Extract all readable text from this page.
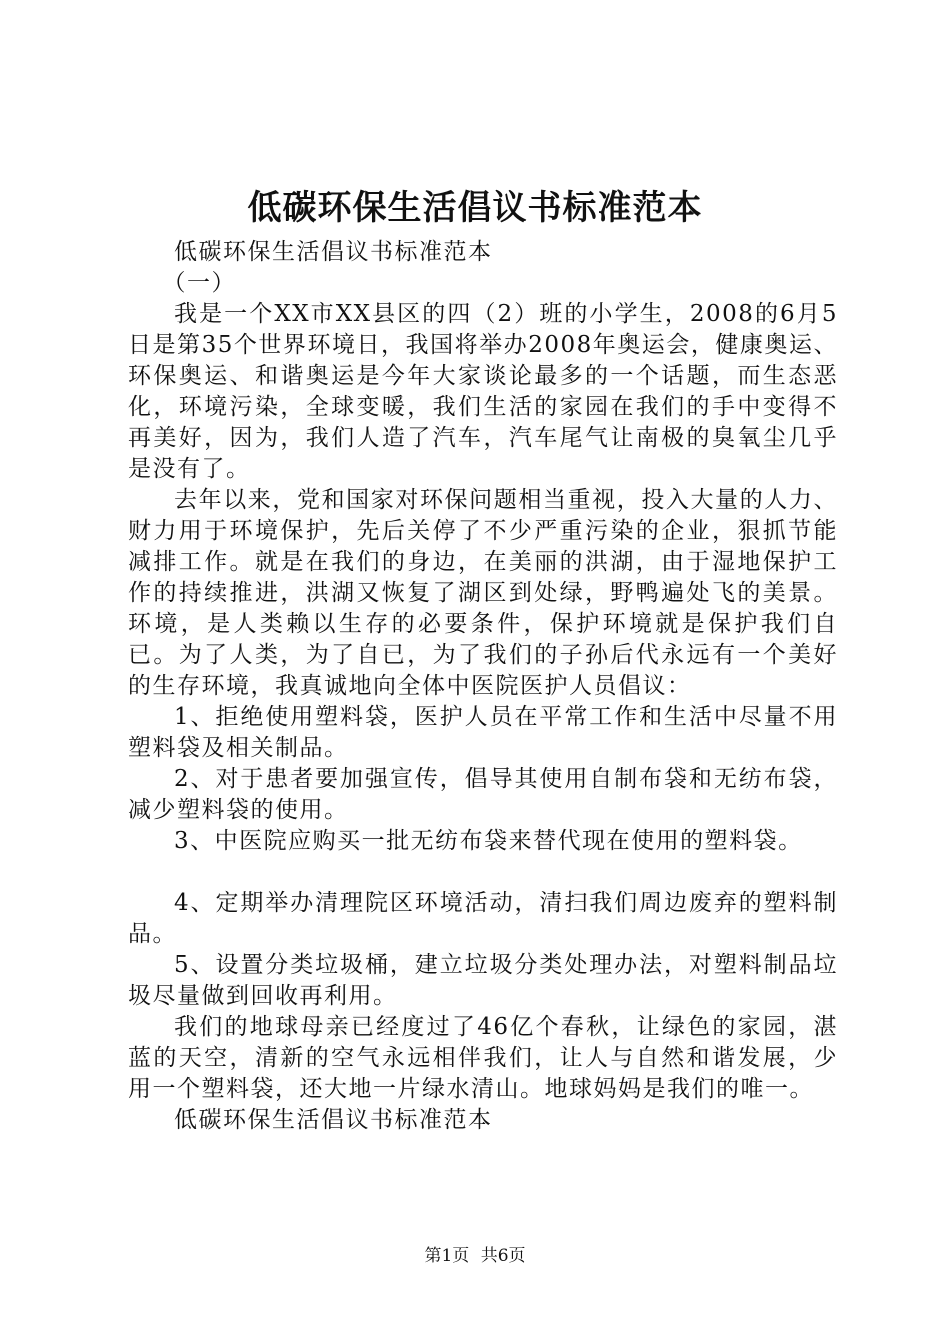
低碳环保生活倡议书标准范本

低碳环保生活倡议书标准范本

（一）

我是一个XX市XX县区的四（2）班的小学生，2008的6月5日是第35个世界环境日，我国将举办2008年奥运会，健康奥运、环保奥运、和谐奥运是今年大家谈论最多的一个话题，而生态恶化，环境污染，全球变暖，我们生活的家园在我们的手中变得不再美好，因为，我们人造了汽车，汽车尾气让南极的臭氧尘几乎是没有了。

去年以来，党和国家对环保问题相当重视，投入大量的人力、财力用于环境保护，先后关停了不少严重污染的企业，狠抓节能减排工作。就是在我们的身边，在美丽的洪湖，由于湿地保护工作的持续推进，洪湖又恢复了湖区到处绿，野鸭遍处飞的美景。环境，是人类赖以生存的必要条件，保护环境就是保护我们自已。为了人类，为了自已，为了我们的子孙后代永远有一个美好的生存环境，我真诚地向全体中医院医护人员倡议：

1、拒绝使用塑料袋，医护人员在平常工作和生活中尽量不用塑料袋及相关制品。

2、对于患者要加强宣传，倡导其使用自制布袋和无纺布袋，减少塑料袋的使用。

3、中医院应购买一批无纺布袋来替代现在使用的塑料袋。

4、定期举办清理院区环境活动，清扫我们周边废弃的塑料制品。

5、设置分类垃圾桶，建立垃圾分类处理办法，对塑料制品垃圾尽量做到回收再利用。

我们的地球母亲已经度过了46亿个春秋，让绿色的家园，湛蓝的天空，清新的空气永远相伴我们，让人与自然和谐发展，少用一个塑料袋，还大地一片绿水清山。地球妈妈是我们的唯一。

低碳环保生活倡议书标准范本

第1页 共6页
